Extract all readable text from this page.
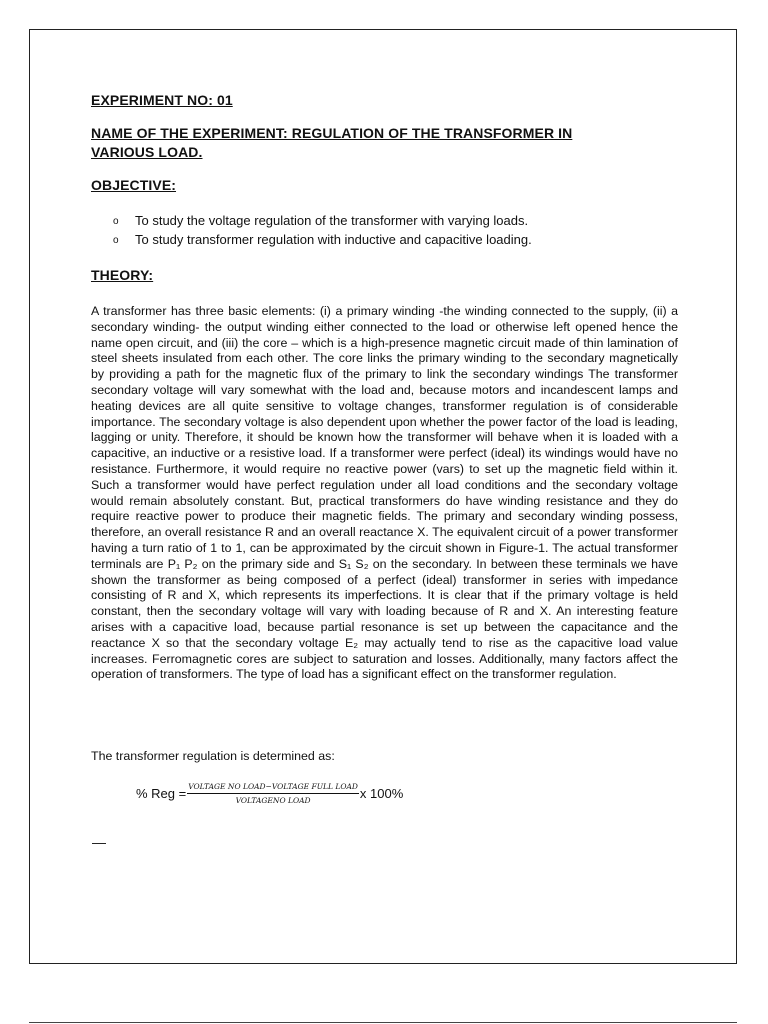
EXPERIMENT NO: 01
NAME OF THE EXPERIMENT: REGULATION OF THE TRANSFORMER IN VARIOUS LOAD.
OBJECTIVE:
o To study the voltage regulation of the transformer with varying loads.
o To study transformer regulation with inductive and capacitive loading.
THEORY:

A transformer has three basic elements: (i) a primary winding -the winding connected to the supply, (ii) a secondary winding- the output winding either connected to the load or otherwise left opened hence the name open circuit, and (iii) the core – which is a high-presence magnetic circuit made of thin lamination of steel sheets insulated from each other. The core links the primary winding to the secondary magnetically by providing a path for the magnetic flux of the primary to link the secondary windings The transformer secondary voltage will vary somewhat with the load and, because motors and incandescent lamps and heating devices are all quite sensitive to voltage changes, transformer regulation is of considerable importance. The secondary voltage is also dependent upon whether the power factor of the load is leading, lagging or unity. Therefore, it should be known how the transformer will behave when it is loaded with a capacitive, an inductive or a resistive load. If a transformer were perfect (ideal) its windings would have no resistance. Furthermore, it would require no reactive power (vars) to set up the magnetic field within it. Such a transformer would have perfect regulation under all load conditions and the secondary voltage would remain absolutely constant. But, practical transformers do have winding resistance and they do require reactive power to produce their magnetic fields. The primary and secondary winding possess, therefore, an overall resistance R and an overall reactance X. The equivalent circuit of a power transformer having a turn ratio of 1 to 1, can be approximated by the circuit shown in Figure-1. The actual transformer terminals are P₁ P₂ on the primary side and S₁ S₂ on the secondary. In between these terminals we have shown the transformer as being composed of a perfect (ideal) transformer in series with impedance consisting of R and X, which represents its imperfections. It is clear that if the primary voltage is held constant, then the secondary voltage will vary with loading because of R and X. An interesting feature arises with a capacitive load, because partial resonance is set up between the capacitance and the reactance X so that the secondary voltage E₂ may actually tend to rise as the capacitive load value increases. Ferromagnetic cores are subject to saturation and losses. Additionally, many factors affect the operation of transformers. The type of load has a significant effect on the transformer regulation.

The transformer regulation is determined as:
% Reg = $\frac{\text{VOLTAGE NO LOAD−VOLTAGE FULL LOAD}}{\text{VOLTAGENO LOAD}}$ x 100%
—
